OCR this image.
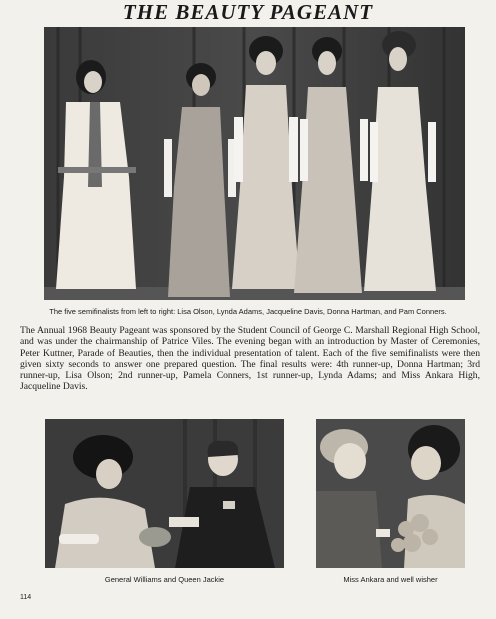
THE BEAUTY PAGEANT
The five semifinalists from left to right: Lisa Olson, Lynda Adams, Jacqueline Davis, Donna Hartman, and Pam Conners.
The Annual 1968 Beauty Pageant was sponsored by the Student Council of George C. Marshall Regional High School, and was under the chairmanship of Patrice Viles. The evening began with an introduction by Master of Ceremonies, Peter Kuttner, Parade of Beauties, then the individual presentation of talent. Each of the five semifinalists were then given sixty seconds to answer one prepared question. The final results were: 4th runner-up, Donna Hartman; 3rd runner-up, Lisa Olson; 2nd runner-up, Pamela Conners, 1st runner-up, Lynda Adams; and Miss Ankara High, Jacqueline Davis.
General Williams and Queen Jackie	Miss Ankara and well wisher
114
